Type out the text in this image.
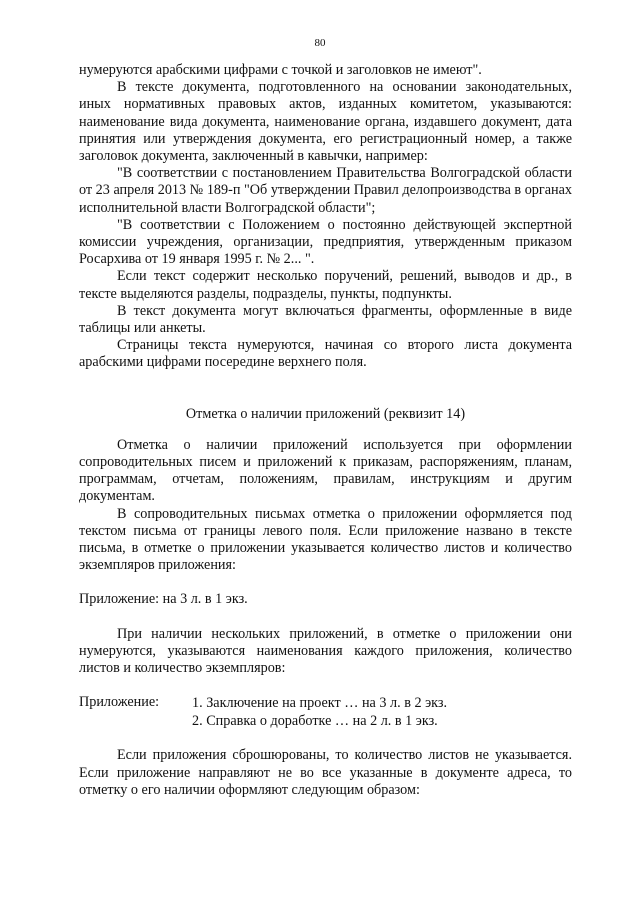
80

нумеруются арабскими цифрами с точкой и заголовков не имеют".

В тексте документа, подготовленного на основании законодательных, иных нормативных правовых актов, изданных комитетом, указываются: наименование вида документа, наименование органа, издавшего документ, дата принятия или утверждения документа, его регистрационный номер, а также заголовок документа, заключенный в кавычки, например:

"В соответствии с постановлением Правительства Волгоградской области от 23 апреля 2013 № 189-п "Об утверждении Правил делопроизводства в органах исполнительной власти Волгоградской области";

"В соответствии с Положением о постоянно действующей экспертной комиссии учреждения, организации, предприятия, утвержденным приказом Росархива от 19 января 1995 г. № 2... ".

Если текст содержит несколько поручений, решений, выводов и др., в тексте выделяются разделы, подразделы, пункты, подпункты.

В текст документа могут включаться фрагменты, оформленные в виде таблицы или анкеты.

Страницы текста нумеруются, начиная со второго листа документа арабскими цифрами посередине верхнего поля.

Отметка о наличии приложений (реквизит 14)

Отметка о наличии приложений используется при оформлении сопроводительных писем и приложений к приказам, распоряжениям, планам, программам, отчетам, положениям, правилам, инструкциям и другим документам.

В сопроводительных письмах отметка о приложении оформляется под текстом письма от границы левого поля. Если приложение названо в тексте письма, в отметке о приложении указывается количество листов и количество экземпляров приложения:

Приложение: на 3 л. в 1 экз.

При наличии нескольких приложений, в отметке о приложении они нумеруются, указываются наименования каждого приложения, количество листов и количество экземпляров:

Приложение:	1. Заключение на проект … на 3 л. в 2 экз.
2. Справка о доработке … на 2 л. в 1 экз.

Если приложения сброшюрованы, то количество листов не указывается. Если приложение направляют не во все указанные в документе адреса, то отметку о его наличии оформляют следующим образом:
